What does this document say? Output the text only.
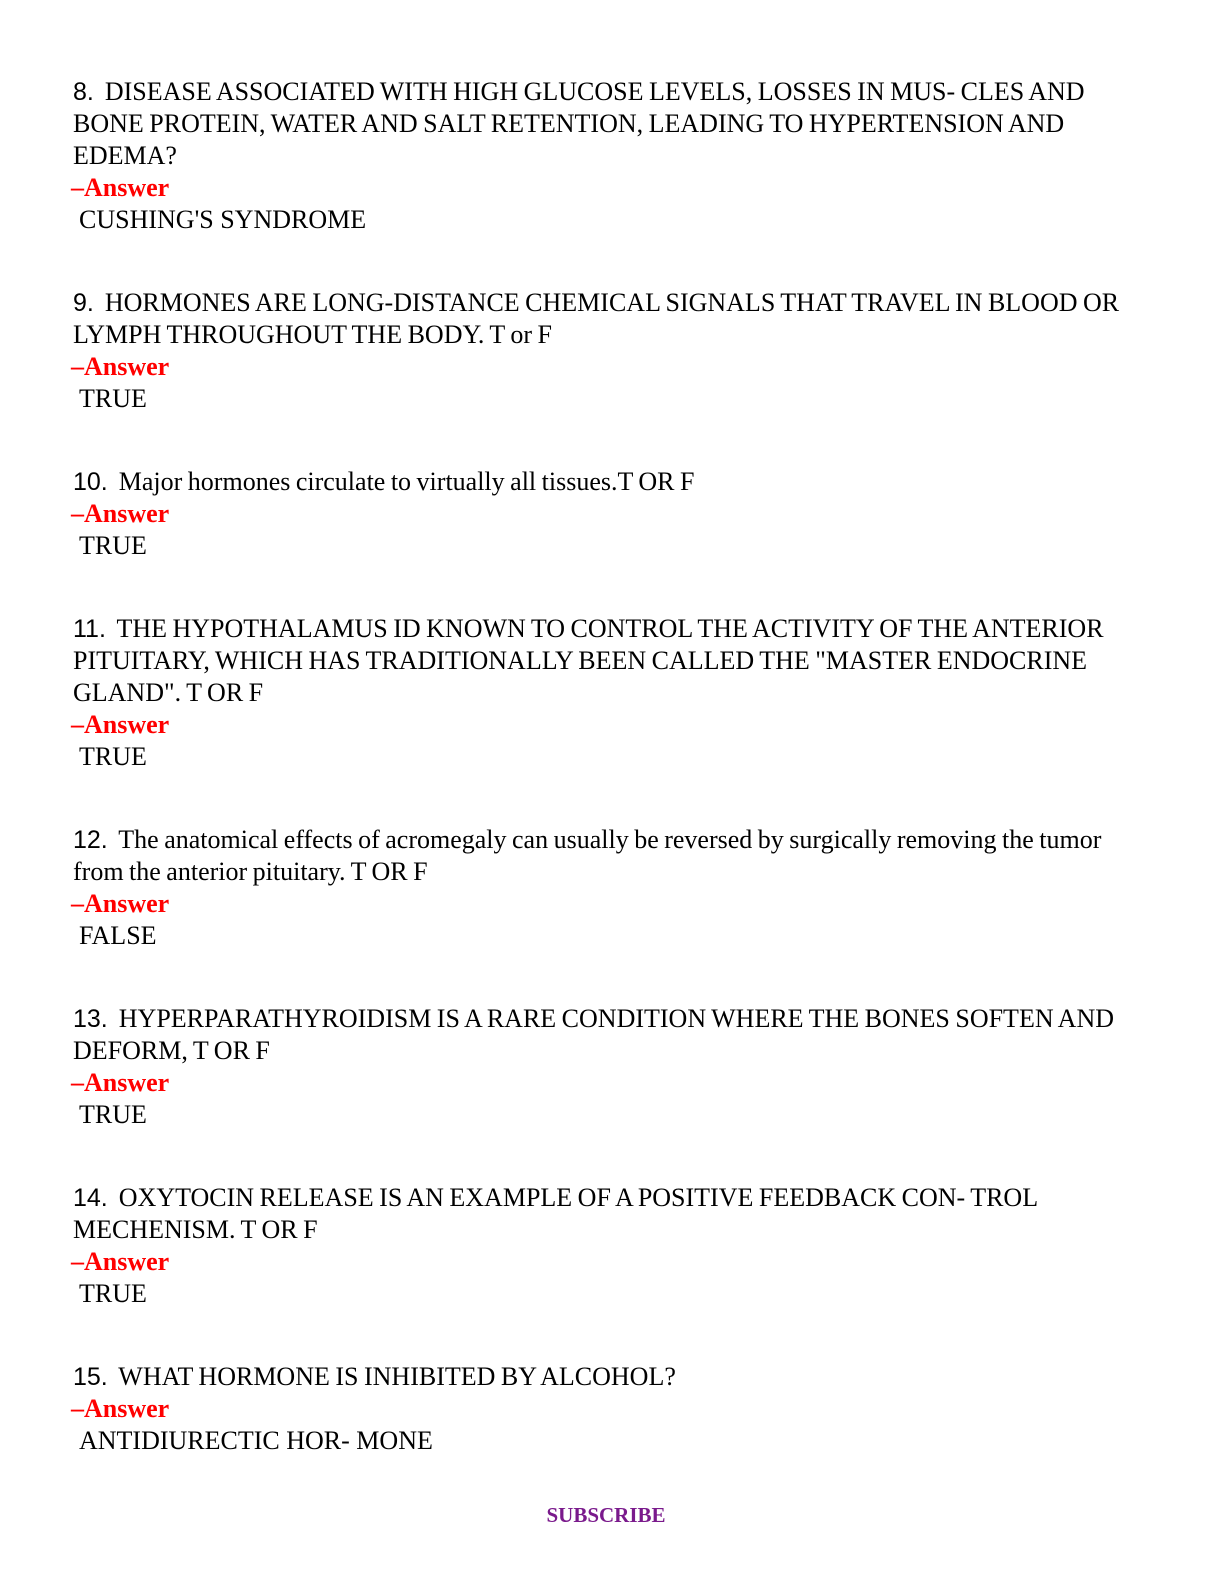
8. DISEASE ASSOCIATED WITH HIGH GLUCOSE LEVELS, LOSSES IN MUS- CLES AND BONE PROTEIN, WATER AND SALT RETENTION, LEADING TO HYPERTENSION AND EDEMA?

–Answer

CUSHING'S SYNDROME

9. HORMONES ARE LONG-DISTANCE CHEMICAL SIGNALS THAT TRAVEL IN BLOOD OR LYMPH THROUGHOUT THE BODY. T or F

–Answer

TRUE

10. Major hormones circulate to virtually all tissues.T OR F

–Answer

TRUE

11. THE HYPOTHALAMUS ID KNOWN TO CONTROL THE ACTIVITY OF THE ANTERIOR PITUITARY, WHICH HAS TRADITIONALLY BEEN CALLED THE "MASTER ENDOCRINE GLAND". T OR F

–Answer

TRUE

12. The anatomical effects of acromegaly can usually be reversed by surgically removing the tumor from the anterior pituitary. T OR F

–Answer

FALSE

13. HYPERPARATHYROIDISM IS A RARE CONDITION WHERE THE BONES SOFTEN AND DEFORM, T OR F

–Answer

TRUE

14. OXYTOCIN RELEASE IS AN EXAMPLE OF A POSITIVE FEEDBACK CON- TROL MECHENISM. T OR F

–Answer

TRUE

15. WHAT HORMONE IS INHIBITED BY ALCOHOL?

–Answer

ANTIDIURECTIC HOR- MONE

SUBSCRIBE
